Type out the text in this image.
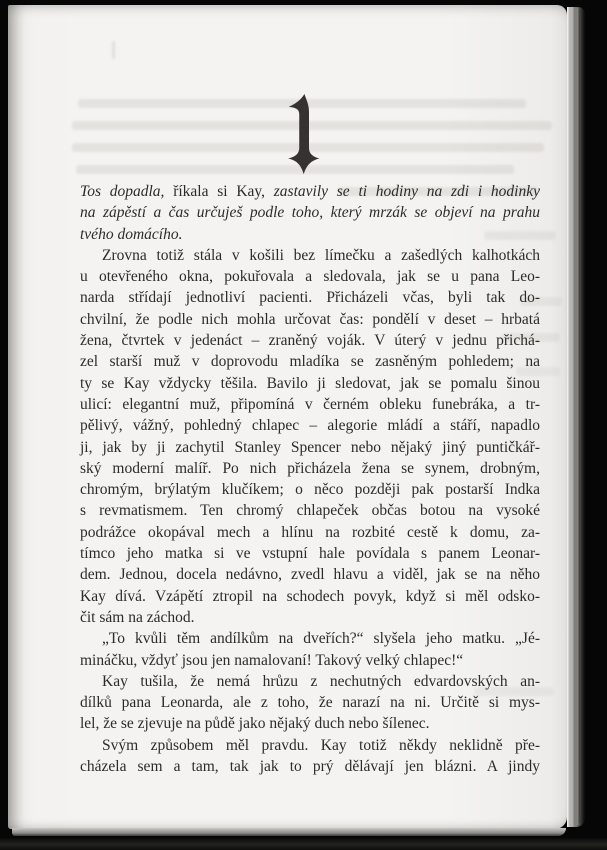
Tos dopadla, říkala si Kay, zastavily se ti hodiny na zdi i hodinky
na zápěstí a čas určuješ podle toho, který mrzák se objeví na prahu
tvého domácího.
Zrovna totiž stála v košili bez límečku a zašedlých kalhotkách
u otevřeného okna, pokuřovala a sledovala, jak se u pana Leo-
narda střídají jednotliví pacienti. Přicházeli včas, byli tak do-
chvilní, že podle nich mohla určovat čas: pondělí v deset – hrbatá
žena, čtvrtek v jedenáct – zraněný voják. V úterý v jednu přichá-
zel starší muž v doprovodu mladíka se zasněným pohledem; na
ty se Kay vždycky těšila. Bavilo ji sledovat, jak se pomalu šinou
ulicí: elegantní muž, připomíná v černém obleku funebráka, a tr-
pělivý, vážný, pohledný chlapec – alegorie mládí a stáří, napadlo
ji, jak by ji zachytil Stanley Spencer nebo nějaký jiný puntičkář-
ský moderní malíř. Po nich přicházela žena se synem, drobným,
chromým, brýlatým klučíkem; o něco později pak postarší Indka
s revmatismem. Ten chromý chlapeček občas botou na vysoké
podrážce okopával mech a hlínu na rozbité cestě k domu, za-
tímco jeho matka si ve vstupní hale povídala s panem Leonar-
dem. Jednou, docela nedávno, zvedl hlavu a viděl, jak se na něho
Kay dívá. Vzápětí ztropil na schodech povyk, když si měl odsko-
čit sám na záchod.
„To kvůli těm andílkům na dveřích?“ slyšela jeho matku. „Jé-
mináčku, vždyť jsou jen namalovaní! Takový velký chlapec!“
Kay tušila, že nemá hrůzu z nechutných edvardovských an-
dílků pana Leonarda, ale z toho, že narazí na ni. Určitě si mys-
lel, že se zjevuje na půdě jako nějaký duch nebo šílenec.
Svým způsobem měl pravdu. Kay totiž někdy neklidně pře-
cházela sem a tam, tak jak to prý dělávají jen blázni. A jindy
